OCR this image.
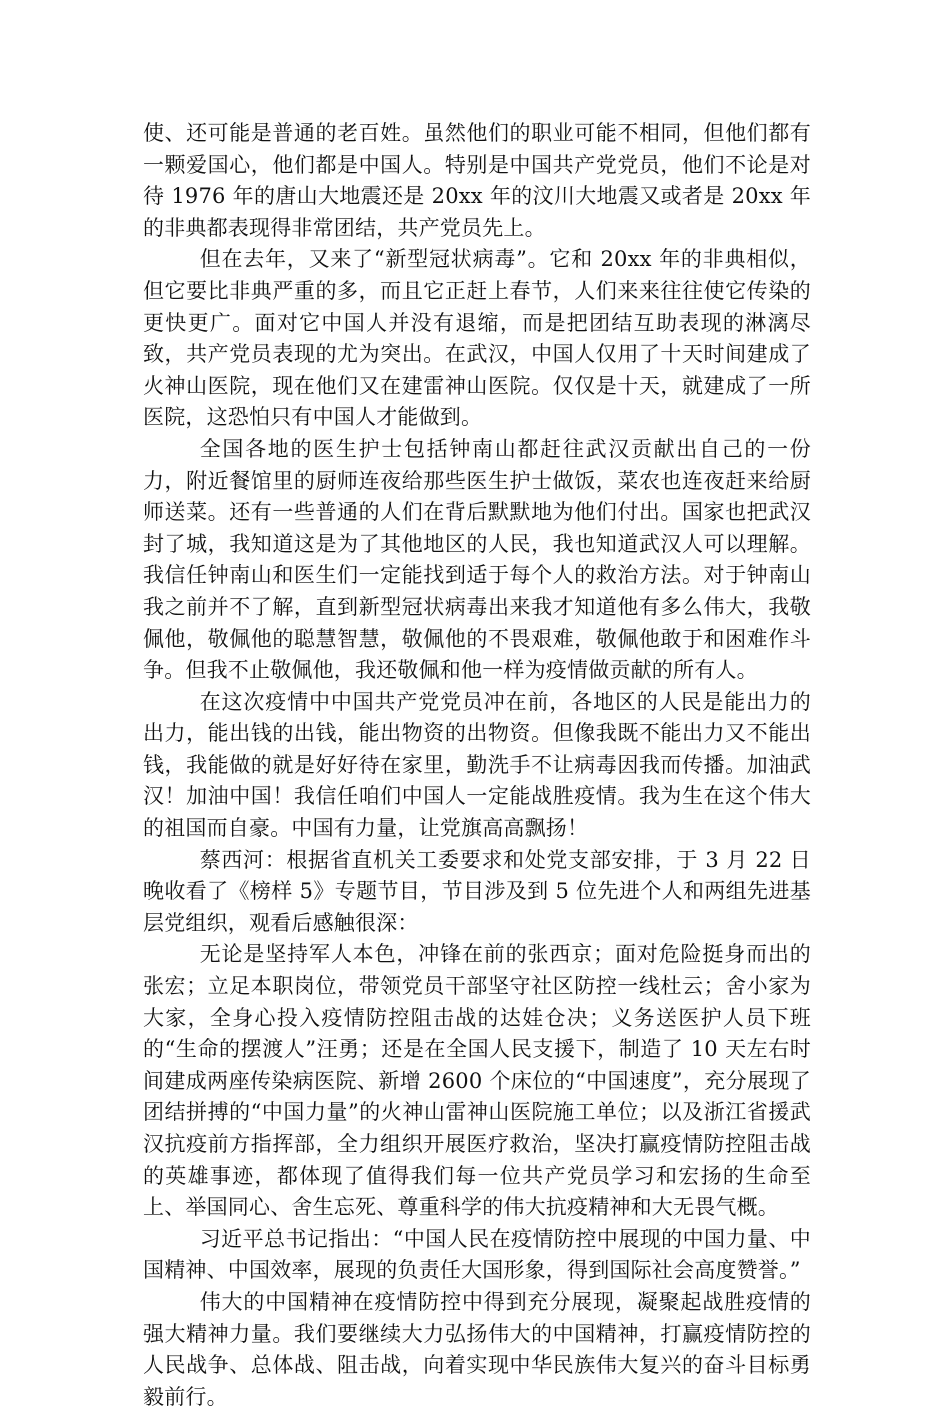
使、还可能是普通的老百姓。虽然他们的职业可能不相同，但他们都有一颗爱国心，他们都是中国人。特别是中国共产党党员，他们不论是对待 1976 年的唐山大地震还是 20xx 年的汶川大地震又或者是 20xx 年的非典都表现得非常团结，共产党员先上。

但在去年，又来了“新型冠状病毒”。它和 20xx 年的非典相似，但它要比非典严重的多，而且它正赶上春节，人们来来往往使它传染的更快更广。面对它中国人并没有退缩，而是把团结互助表现的淋漓尽致，共产党员表现的尤为突出。在武汉，中国人仅用了十天时间建成了火神山医院，现在他们又在建雷神山医院。仅仅是十天，就建成了一所医院，这恐怕只有中国人才能做到。

全国各地的医生护士包括钟南山都赶往武汉贡献出自己的一份力，附近餐馆里的厨师连夜给那些医生护士做饭，菜农也连夜赶来给厨师送菜。还有一些普通的人们在背后默默地为他们付出。国家也把武汉封了城，我知道这是为了其他地区的人民，我也知道武汉人可以理解。我信任钟南山和医生们一定能找到适于每个人的救治方法。对于钟南山我之前并不了解，直到新型冠状病毒出来我才知道他有多么伟大，我敬佩他，敬佩他的聪慧智慧，敬佩他的不畏艰难，敬佩他敢于和困难作斗争。但我不止敬佩他，我还敬佩和他一样为疫情做贡献的所有人。

在这次疫情中中国共产党党员冲在前，各地区的人民是能出力的出力，能出钱的出钱，能出物资的出物资。但像我既不能出力又不能出钱，我能做的就是好好待在家里，勤洗手不让病毒因我而传播。加油武汉！加油中国！我信任咱们中国人一定能战胜疫情。我为生在这个伟大的祖国而自豪。中国有力量，让党旗高高飘扬！

蔡西河：根据省直机关工委要求和处党支部安排，于 3 月 22 日晚收看了《榜样 5》专题节目，节目涉及到 5 位先进个人和两组先进基层党组织，观看后感触很深：

无论是坚持军人本色，冲锋在前的张西京；面对危险挺身而出的张宏；立足本职岗位，带领党员干部坚守社区防控一线杜云；舍小家为大家，全身心投入疫情防控阻击战的达娃仓决；义务送医护人员下班的“生命的摆渡人”汪勇；还是在全国人民支援下，制造了 10 天左右时间建成两座传染病医院、新增 2600 个床位的“中国速度”，充分展现了团结拼搏的“中国力量”的火神山雷神山医院施工单位；以及浙江省援武汉抗疫前方指挥部，全力组织开展医疗救治，坚决打赢疫情防控阻击战的英雄事迹，都体现了值得我们每一位共产党员学习和宏扬的生命至上、举国同心、舍生忘死、尊重科学的伟大抗疫精神和大无畏气概。

习近平总书记指出：“中国人民在疫情防控中展现的中国力量、中国精神、中国效率，展现的负责任大国形象，得到国际社会高度赞誉。”

伟大的中国精神在疫情防控中得到充分展现，凝聚起战胜疫情的强大精神力量。我们要继续大力弘扬伟大的中国精神，打赢疫情防控的人民战争、总体战、阻击战，向着实现中华民族伟大复兴的奋斗目标勇毅前行。
